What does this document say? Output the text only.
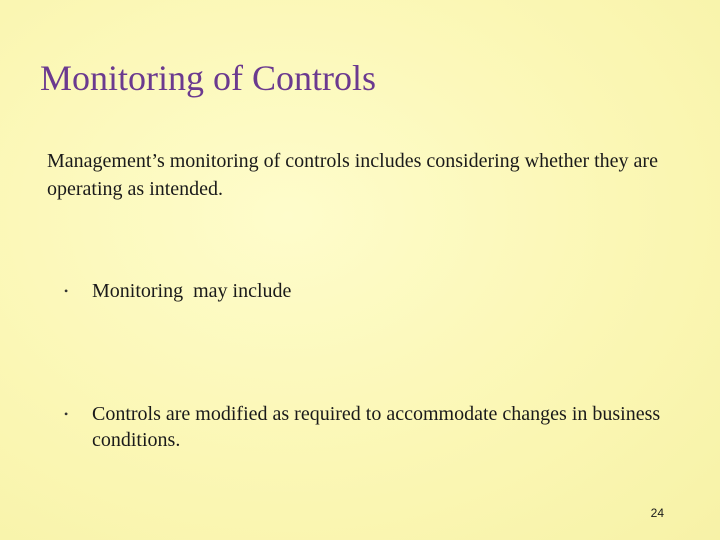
Monitoring of Controls

Management’s monitoring of controls includes considering whether they are operating as intended.

• Monitoring  may include
• Controls are modified as required to accommodate changes in business conditions.
24
